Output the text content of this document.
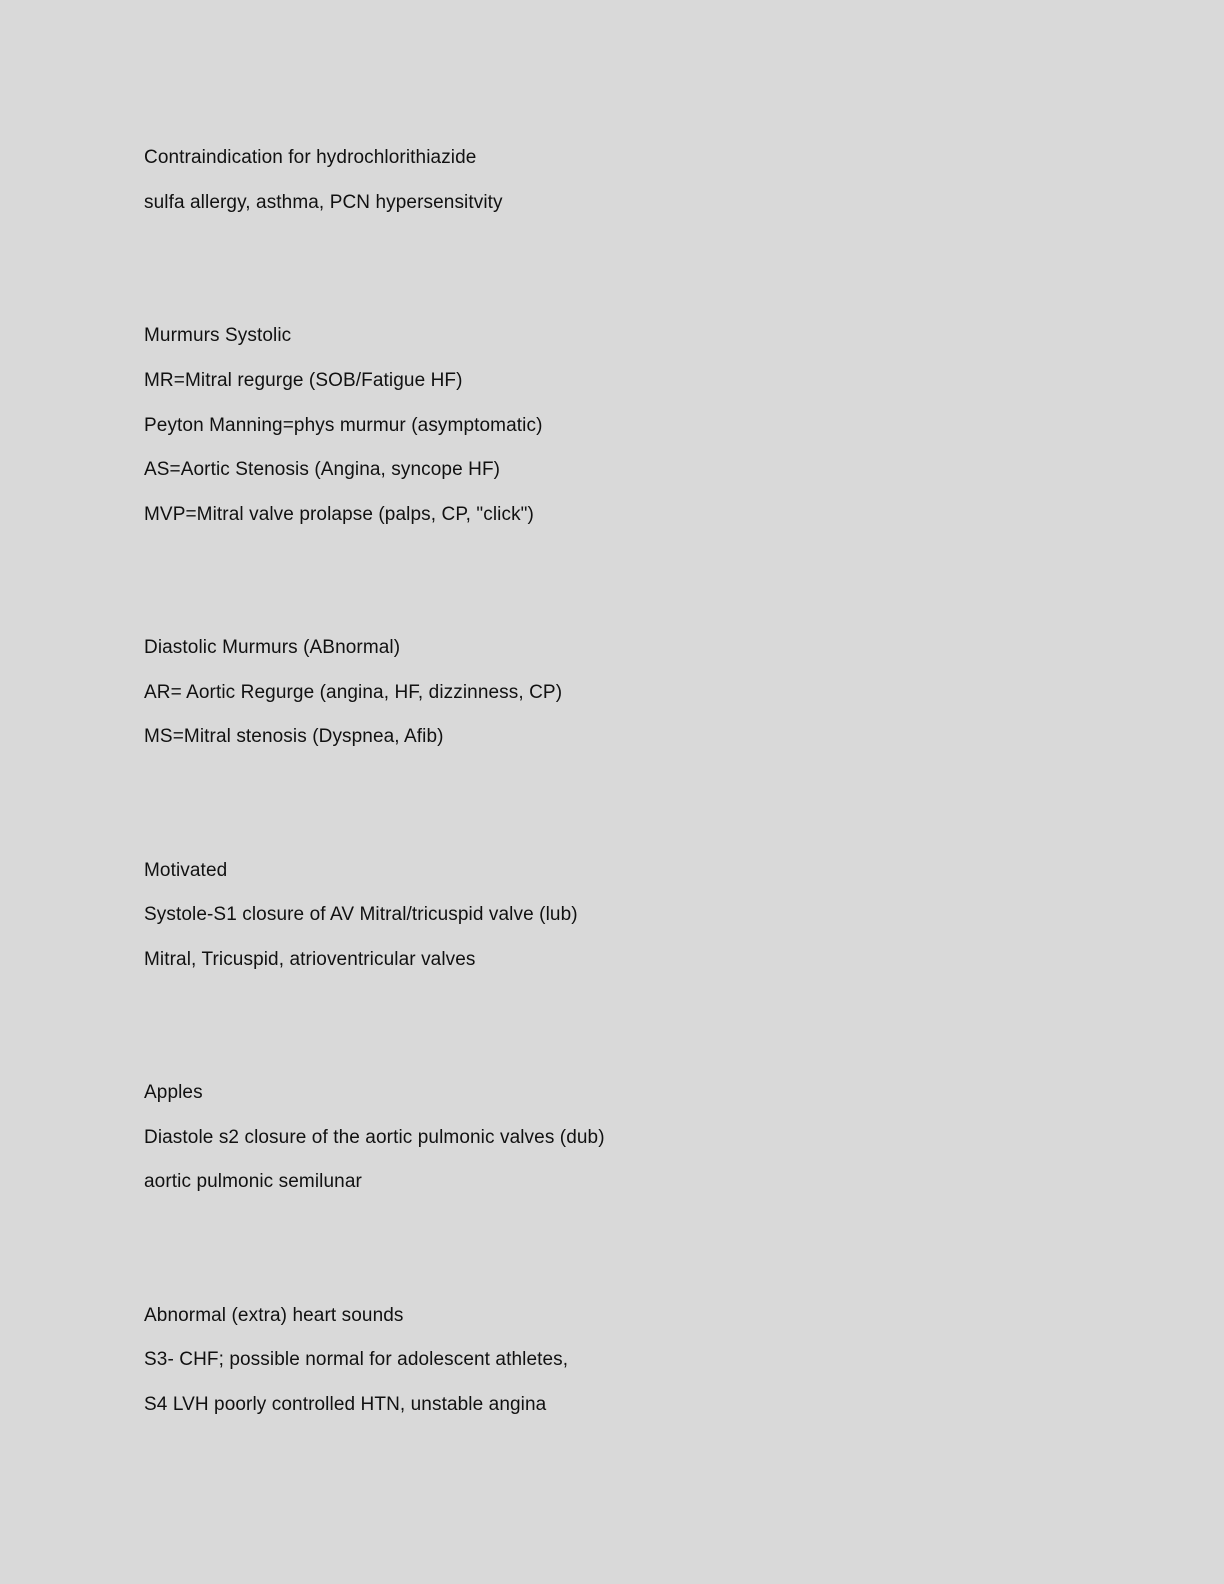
Contraindication for hydrochlorithiazide
sulfa allergy, asthma, PCN hypersensitvity
Murmurs Systolic
MR=Mitral regurge (SOB/Fatigue HF)
Peyton Manning=phys murmur (asymptomatic)
AS=Aortic Stenosis (Angina, syncope HF)
MVP=Mitral valve prolapse (palps, CP, "click")
Diastolic Murmurs (ABnormal)
AR= Aortic Regurge (angina, HF, dizzinness, CP)
MS=Mitral stenosis (Dyspnea, Afib)
Motivated
Systole-S1 closure of AV Mitral/tricuspid valve (lub)
Mitral, Tricuspid, atrioventricular valves
Apples
Diastole s2 closure of the aortic pulmonic valves (dub)
aortic pulmonic semilunar
Abnormal (extra) heart sounds
S3- CHF; possible normal for adolescent athletes,
S4 LVH poorly controlled HTN, unstable angina
